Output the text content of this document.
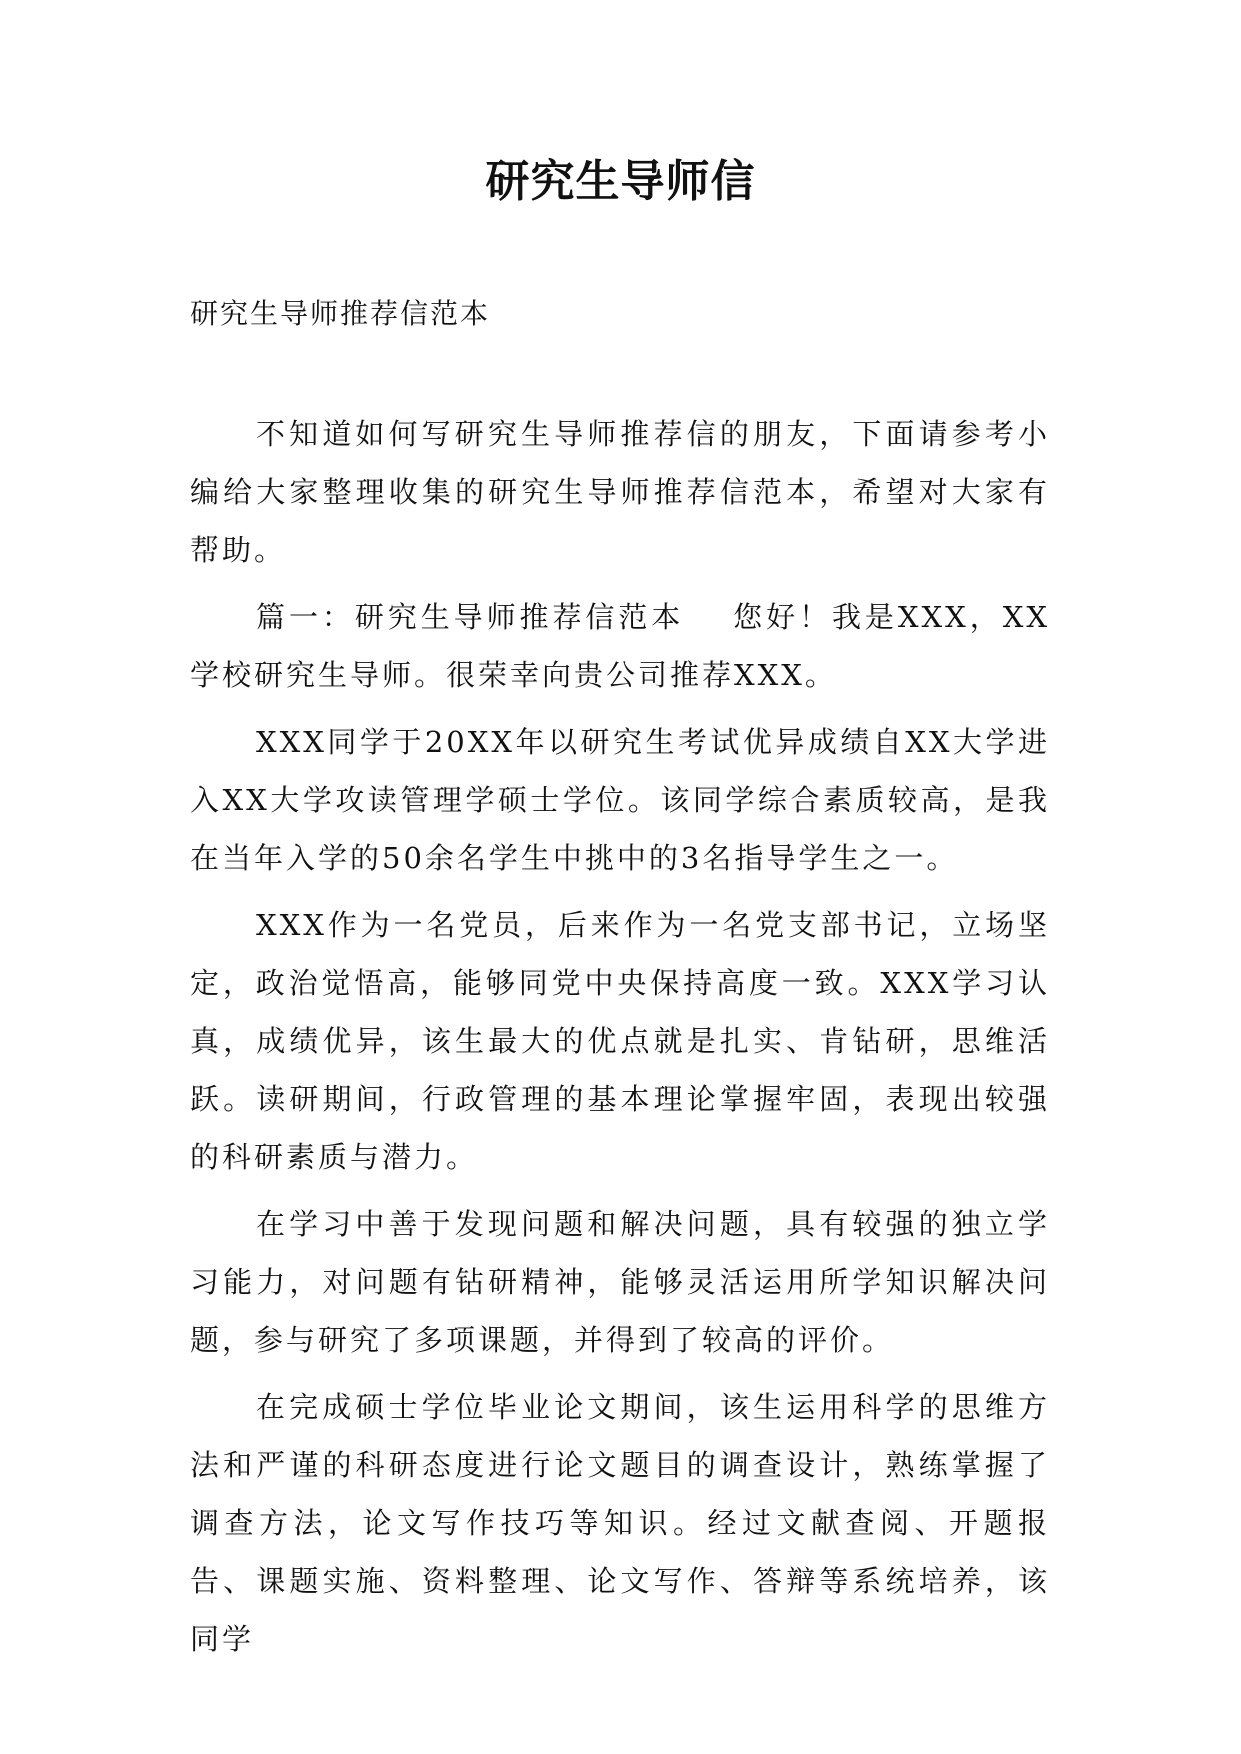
研究生导师信
研究生导师推荐信范本

不知道如何写研究生导师推荐信的朋友，下面请参考小编给大家整理收集的研究生导师推荐信范本，希望对大家有帮助。

篇一：研究生导师推荐信范本 您好！我是XXX，XX学校研究生导师。很荣幸向贵公司推荐XXX。

XXX同学于20XX年以研究生考试优异成绩自XX大学进入XX大学攻读管理学硕士学位。该同学综合素质较高，是我在当年入学的50余名学生中挑中的3名指导学生之一。

XXX作为一名党员，后来作为一名党支部书记，立场坚定，政治觉悟高，能够同党中央保持高度一致。XXX学习认真，成绩优异，该生最大的优点就是扎实、肯钻研，思维活跃。读研期间，行政管理的基本理论掌握牢固，表现出较强的科研素质与潜力。

在学习中善于发现问题和解决问题，具有较强的独立学习能力，对问题有钻研精神，能够灵活运用所学知识解决问题，参与研究了多项课题，并得到了较高的评价。

在完成硕士学位毕业论文期间，该生运用科学的思维方法和严谨的科研态度进行论文题目的调查设计，熟练掌握了调查方法，论文写作技巧等知识。经过文献查阅、开题报告、课题实施、资料整理、论文写作、答辩等系统培养，该同学
